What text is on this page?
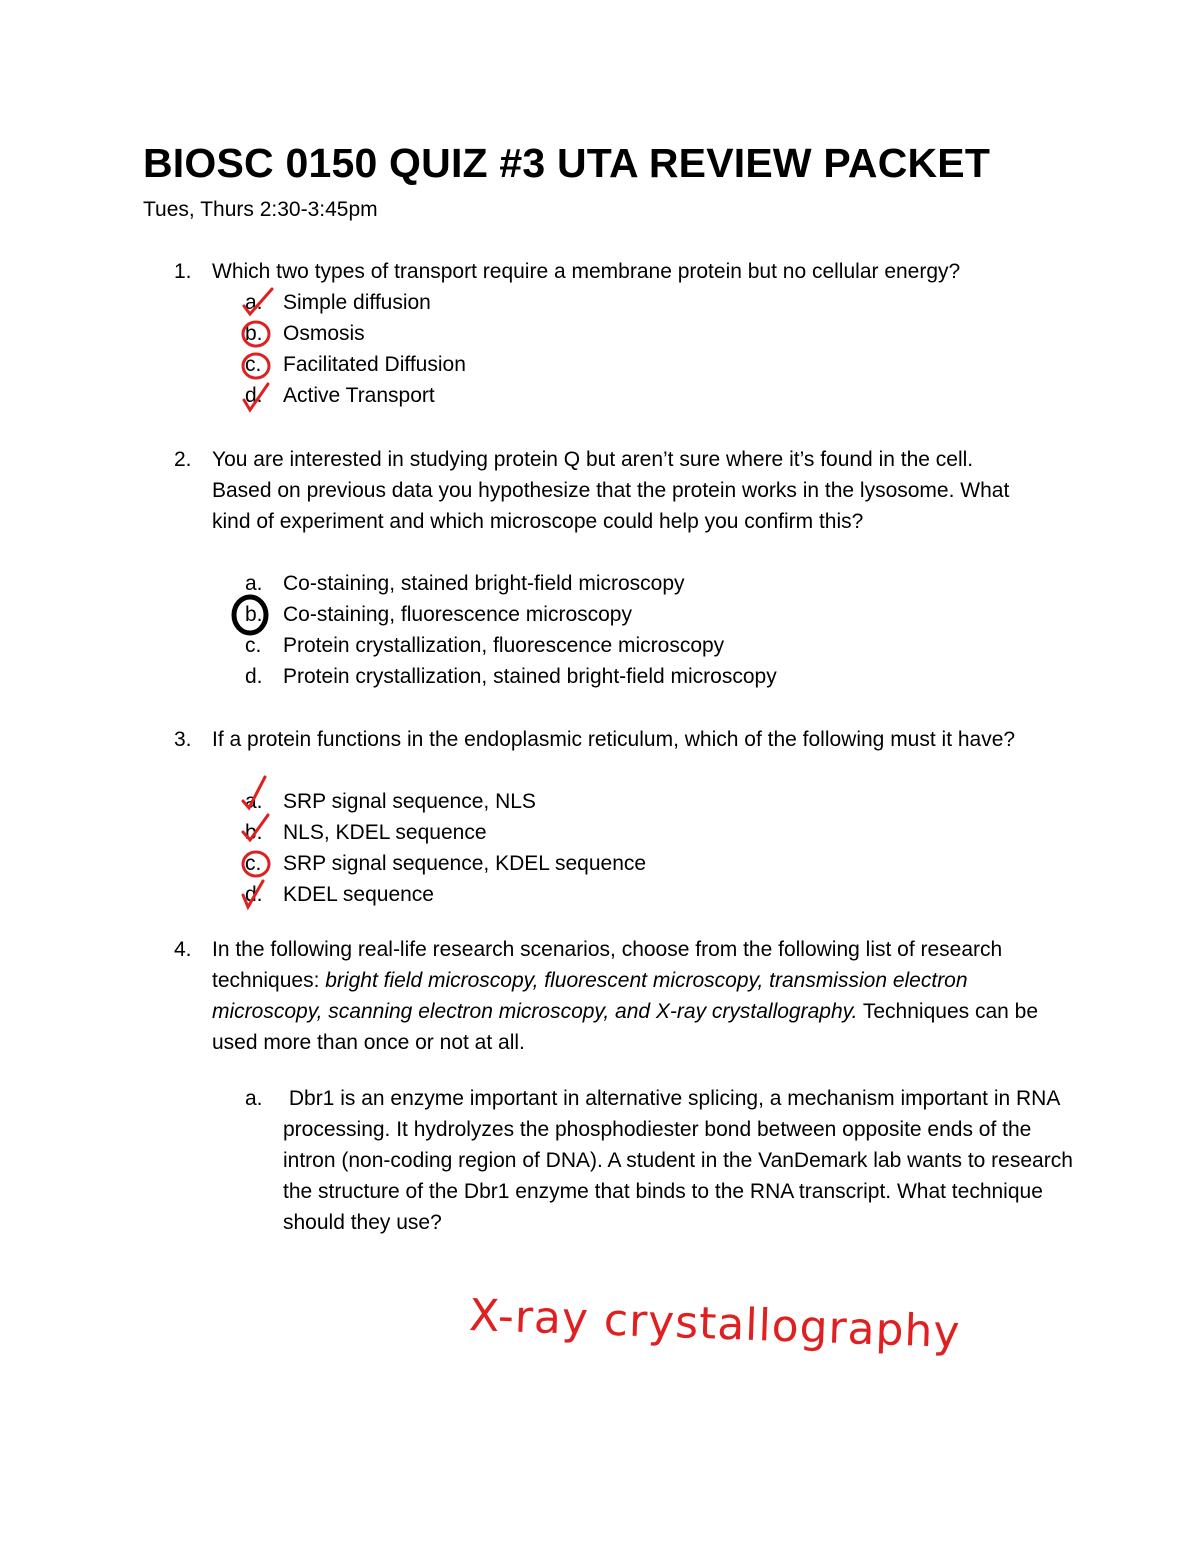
BIOSC 0150 QUIZ #3 UTA REVIEW PACKET
Tues, Thurs 2:30-3:45pm
1. Which two types of transport require a membrane protein but no cellular energy?
a. Simple diffusion
b. Osmosis
c. Facilitated Diffusion
d. Active Transport
2. You are interested in studying protein Q but aren’t sure where it’s found in the cell. Based on previous data you hypothesize that the protein works in the lysosome. What kind of experiment and which microscope could help you confirm this?
a. Co-staining, stained bright-field microscopy
b. Co-staining, fluorescence microscopy
c. Protein crystallization, fluorescence microscopy
d. Protein crystallization, stained bright-field microscopy
3. If a protein functions in the endoplasmic reticulum, which of the following must it have?
a. SRP signal sequence, NLS
b. NLS, KDEL sequence
c. SRP signal sequence, KDEL sequence
d. KDEL sequence
4. In the following real-life research scenarios, choose from the following list of research techniques: bright field microscopy, fluorescent microscopy, transmission electron microscopy, scanning electron microscopy, and X-ray crystallography. Techniques can be used more than once or not at all.
a. Dbr1 is an enzyme important in alternative splicing, a mechanism important in RNA processing. It hydrolyzes the phosphodiester bond between opposite ends of the intron (non-coding region of DNA). A student in the VanDemark lab wants to research the structure of the Dbr1 enzyme that binds to the RNA transcript. What technique should they use?
X-ray crystallography
